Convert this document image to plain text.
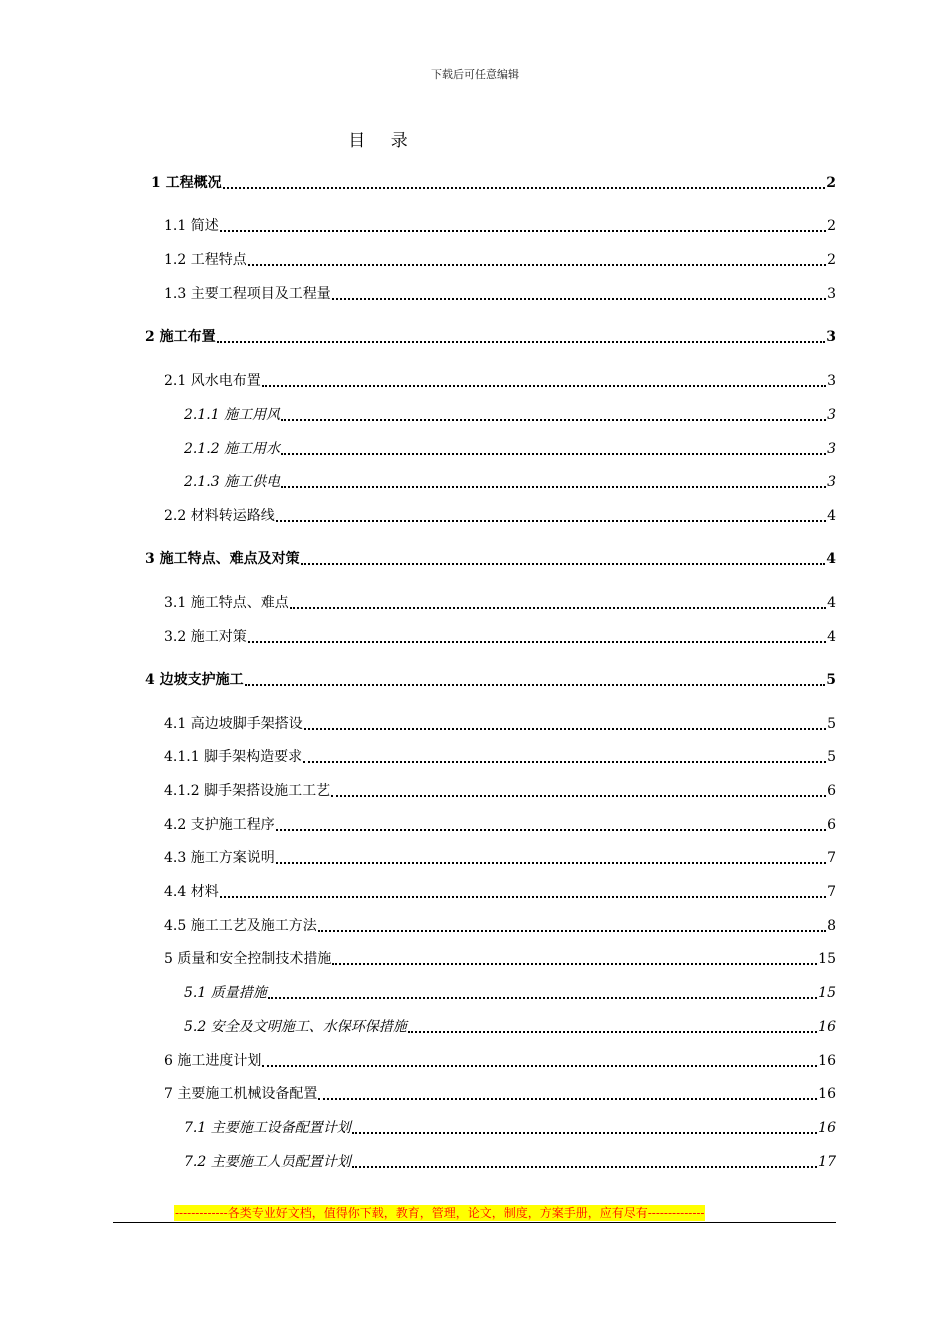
下载后可任意编辑
目 录
1 工程概况	2
1.1 简述	2
1.2 工程特点	2
1.3 主要工程项目及工程量	3
2 施工布置	3
2.1 风水电布置	3
2.1.1 施工用风	3
2.1.2 施工用水	3
2.1.3 施工供电	3
2.2 材料转运路线	4
3 施工特点、难点及对策	4
3.1 施工特点、难点	4
3.2 施工对策	4
4 边坡支护施工	5
4.1 高边坡脚手架搭设	5
4.1.1 脚手架构造要求	5
4.1.2 脚手架搭设施工工艺	6
4.2 支护施工程序	6
4.3 施工方案说明	7
4.4 材料	7
4.5 施工工艺及施工方法	8
5 质量和安全控制技术措施	15
5.1 质量措施	15
5.2 安全及文明施工、水保环保措施	16
6 施工进度计划	16
7 主要施工机械设备配置	16
7.1 主要施工设备配置计划	16
7.2 主要施工人员配置计划	17
-------------各类专业好文档，值得你下载，教育，管理，论文，制度，方案手册，应有尽有--------------
